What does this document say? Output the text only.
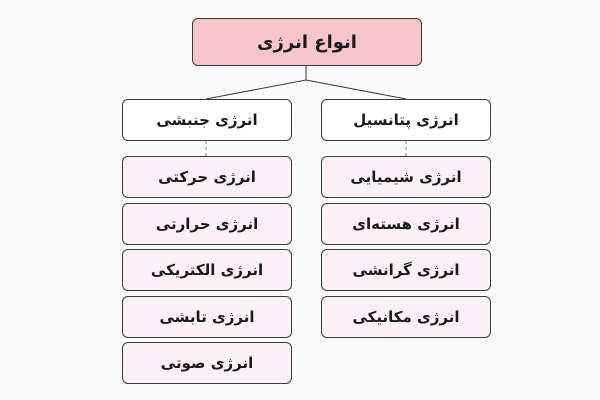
انواع انرژی
انرژی پتانسیل
انرژی شیمیایی
انرژی هسته‌ای
انرژی گرانشی
انرژی مکانیکی
انرژی جنبشی
انرژی حرکتی
انرژی حرارتی
انرژی الکتریکی
انرژی تابشی
انرژی صوتی
